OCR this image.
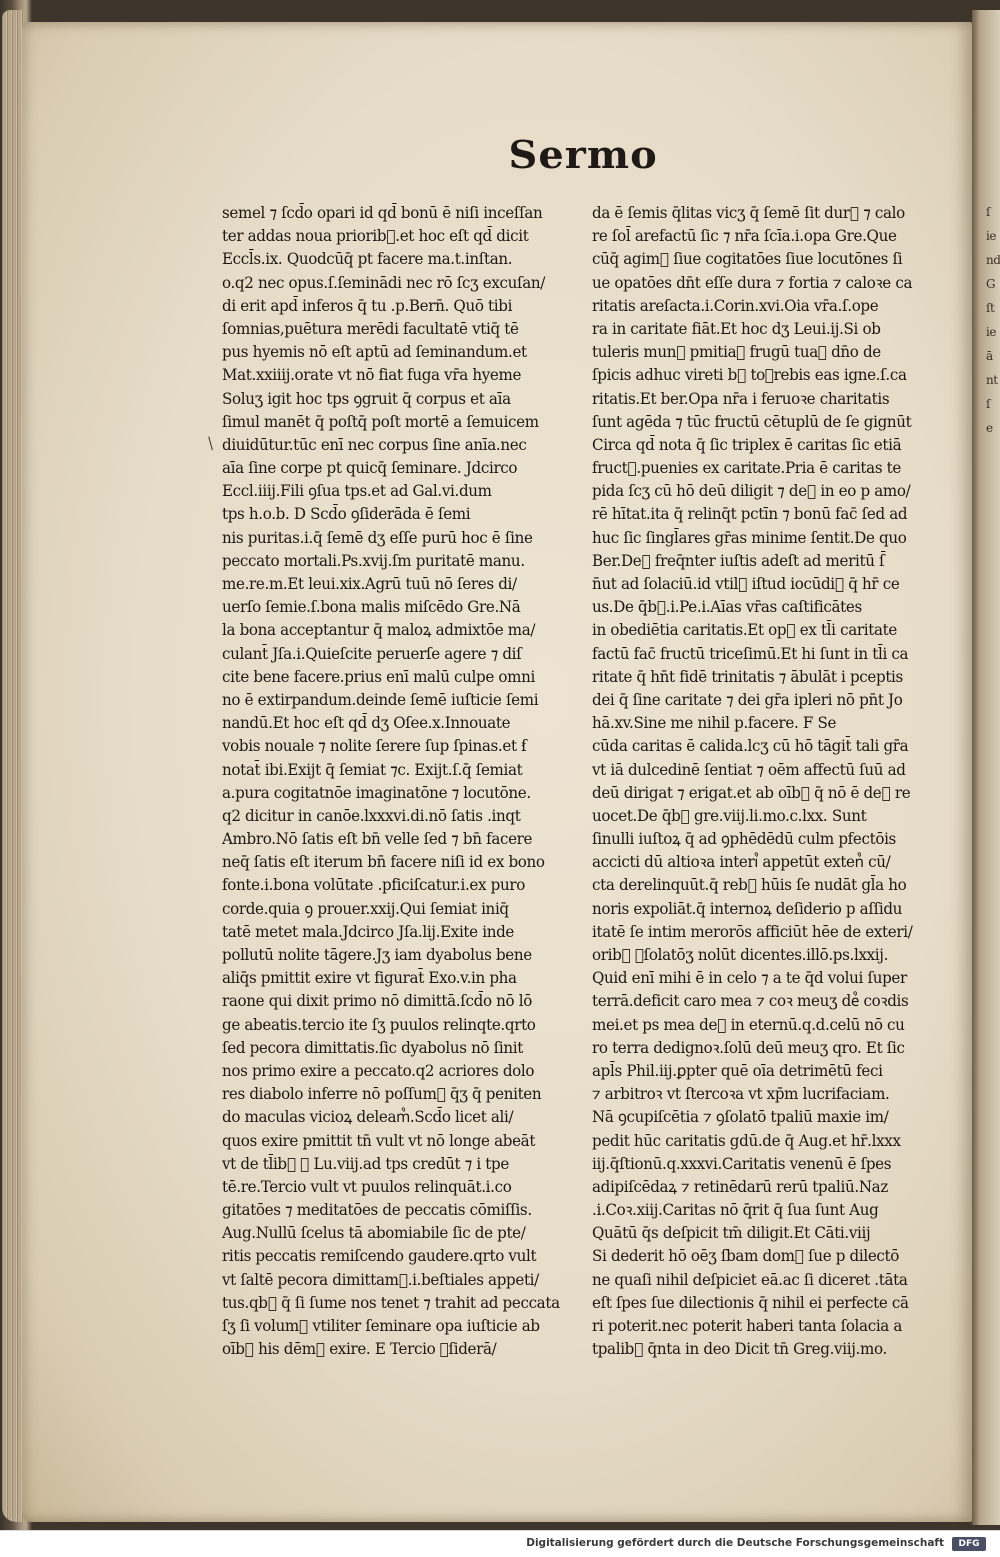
ſ
ie
nd
G
ſt
ie
ā
nt
ſ
e
Sermo
semel ⁊ ſcd̄o opari id qd̄ bonū ē niſi inceſſan
ter addas noua priorib᷒.et hoc eſt qd̄ dicit
Eccl̄s.ix. Quodcūq̄ pt facere ma.t.inſtan.
o.q2 nec opus.ſ.ſeminādi nec rō ſcʒ excuſan/
di erit apd̄ inferos q̄ tu .p.Bern̄. Quō tibi
ſomnias,puētura merēdi facultatē vtiq̄ tē
pus hyemis nō eſt aptū ad ſeminandum.et
Mat.xxiiij.orate vt nō fiat fuga vr̄a hyeme
Soluʒ igit hoc tps ꝯgruit q̄ corpus et aīa
ſimul manēt q̄ poſtq̄ poſt mortē a ſemuicem
diuidūtur.tūc enī nec corpus ſine anīa.nec
aīa ſine corpe pt quicq̄ ſeminare. Jdcirco
Eccl.iiij.Fili ꝯſua tps.et ad Gal.vi.dum
tps h.o.b. D Scd̄o ꝯſiderāda ē ſemi
nis puritas.i.q̄ ſemē dʒ eſſe purū hoc ē ſine
peccato mortali.Ps.xvij.ſm puritatē manu.
me.re.m.Et leui.xix.Agrū tuū nō ſeres di/
uerſo ſemie.ſ.bona malis miſcēdo Gre.Nā
la bona acceptantur q̄ maloꝝ admixtōe ma/
culant̄ Jſa.i.Quieſcite peruerſe agere ⁊ diſ
cite bene facere.prius enī malū culpe omni
no ē extirpandum.deinde ſemē iuſticie ſemi
nandū.Et hoc eſt qd̄ dʒ Oſee.x.Innouate
vobis nouale ⁊ nolite ſerere ſup ſpinas.et ẜ
notat̄ ibi.Exijt q̄ ſemiat ⁊c. Exijt.ſ.q̄ ſemiat
a.pura cogitatnōe imaginatōne ⁊ locutōne.
q2 dicitur in canōe.lxxxvi.di.nō ſatis .inqt
Ambro.Nō ſatis eſt bn̄ velle ſed ⁊ bn̄ facere
neq̄ ſatis eſt iterum bn̄ facere niſi id ex bono
fonte.i.bona volūtate .pficiſcatur.i.ex puro
corde.quia ꝯ prouer.xxij.Qui ſemiat iniq̄
tatē metet mala.Jdcirco Jſa.lij.Exite inde
pollutū nolite tāgere.Jʒ iam dyabolus bene
aliq̄s pmittit exire vt figurat̄ Exo.v.in pha
raone qui dixit primo nō dimittā.ſcd̄o nō lō
ge abeatis.tercio ite ſʒ puulos relinqte.qrto
ſed pecora dimittatis.ſic dyabolus nō ſinit
nos primo exire a peccato.q2 acriores dolo
res diabolo inferre nō poſſum᷒ q̄ʒ q̄ peniten
do maculas vicioꝝ deleam᷒.Scd̄o licet ali/
quos exire pmittit tn̄ vult vt nō longe abeāt
vt de tl̄ib᷒ ꝯ Lu.viij.ad tps credūt ⁊ i tpe
tē.re.Tercio vult vt puulos relinquāt.i.co
gitatōes ⁊ meditatōes de peccatis cōmiſſis.
Aug.Nullū ſcelus tā abomiabile ſic de pte/
ritis peccatis remiſcendo gaudere.qrto vult
vt ſaltē pecora dimittam᷒.i.beſtiales appeti/
tus.qb᷒ q̄ ſi ſume nos tenet ⁊ trahit ad peccata
ſʒ ſi volum᷒ vtiliter ſeminare opa iuſticie ab
oīb᷒ his dēm᷒ exire. E Tercio ꝯſiderā/
da ē ſemis q̄litas vicʒ q̄ ſemē ſit dur᷒ ⁊ calo
re ſol̄ arefactū ſic ⁊ nr̄a ſcīa.i.opa Gre.Que
cūq̄ agim᷒ ſiue cogitatōes ſiue locutōnes ſi
ue opatōes dn̄t eſſe dura ⁊ fortia ⁊ caloꝛe ca
ritatis areſacta.i.Corin.xvi.Oia vr̄a.ſ.ope
ra in caritate fiāt.Et hoc dʒ Leui.ij.Si ob
tuleris mun᷒ pmitiaꝝ frugū tuaꝝ dn̄o de
ſpicis adhuc vireti b᷒ toꝛrebis eas igne.ſ.ca
ritatis.Et ber.Opa nr̄a i feruoꝛe charitatis
ſunt agēda ⁊ tūc fructū cētuplū de ſe gignūt
Circa qd̄ nota q̄ ſic triplex ē caritas ſic etiā
fruct᷒.puenies ex caritate.Pria ē caritas te
pida ſcʒ cū hō deū diligit ⁊ de᷒ in eo p amo/
rē hītat.ita q̄ relinq̄t pctīn ⁊ bonū fac̄ ſed ad
huc ſic ſingl̄ares gr̄as minime ſentit.De quo
Ber.De᷒ freq̄nter iuſtis adeſt ad meritū ſ̄
n̄ut ad ſolaciū.id vtil᷒ iſtud iocūdi᷒ q̄ hr̄ ce
us.De q̄b᷒.i.Pe.i.Aīas vr̄as caſtificātes
in obediētia caritatis.Et op᷒ ex tl̄i caritate
factū fac̄ fructū triceſimū.Et hi ſunt in tl̄i ca
ritate q̄ hn̄t fidē trinitatis ⁊ ābulāt i pceptis
dei q̄ ſine caritate ⁊ dei gr̄a ipleri nō pn̄t Jo
hā.xv.Sine me nihil p.facere. F Se
cūda caritas ē calida.lcʒ cū hō tāgit̄ tali gr̄a
vt iā dulcedinē ſentiat ⁊ oēm affectū ſuū ad
deū dirigat ⁊ erigat.et ab oīb᷒ q̄ nō ē de᷒ re
uocet.De q̄b᷒ gre.viij.li.mo.c.lxx. Sunt
ſinulli iuſtoꝝ q̄ ad ꝯphēdēdū culm pfectōis
accicti dū altioꝛa interi᷒ appetūt exten᷒ cū/
cta derelinquūt.q̄ reb᷒ hūis ſe nudāt gl̄a ho
noris expoliāt.q̄ internoꝝ deſiderio p aſſidu
itatē ſe intim merorōs afficiūt hēe de exteri/
orib᷒ ꝯſolatōʒ nolūt dicentes.illō.ps.lxxij.
Quid enī mihi ē in celo ⁊ a te q̄d volui ſuper
terrā.deficit caro mea ⁊ coꝛ meuʒ de᷒ coꝛdis
mei.et ps mea de᷒ in eternū.q.d.celū nō cu
ro terra dedignoꝛ.ſolū deū meuʒ qro. Et ſic
apl̄s Phil.iij.ꝑpter quē oīa detrimētū feci
⁊ arbitroꝛ vt ſtercoꝛa vt xp̄m lucrifaciam.
Nā ꝯcupiſcētia ⁊ ꝯſolatō tpaliū maxie im/
pedit hūc caritatis gdū.de q̄ Aug.et hr̄.lxxx
iij.q̄ſtionū.q.xxxvi.Caritatis venenū ē ſpes
adipiſcēdaꝝ ⁊ retinēdarū rerū tpaliū.Naz
.i.Coꝛ.xiij.Caritas nō q̄rit q̄ ſua ſunt Aug
Quātū q̄s deſpicit tm̄ diligit.Et Cāti.viij
Si dederit hō oēʒ ſbam dom᷒ ſue p dilectō
ne quaſi nihil deſpiciet eā.ac ſi diceret .tāta
eſt ſpes ſue dilectionis q̄ nihil ei perfecte cā
ri poterit.nec poterit haberi tanta ſolacia a
tpalib᷒ q̄nta in deo Dicit tn̄ Greg.viij.mo.
Digitalisierung gefördert durch die Deutsche Forschungsgemeinschaft	DFG
